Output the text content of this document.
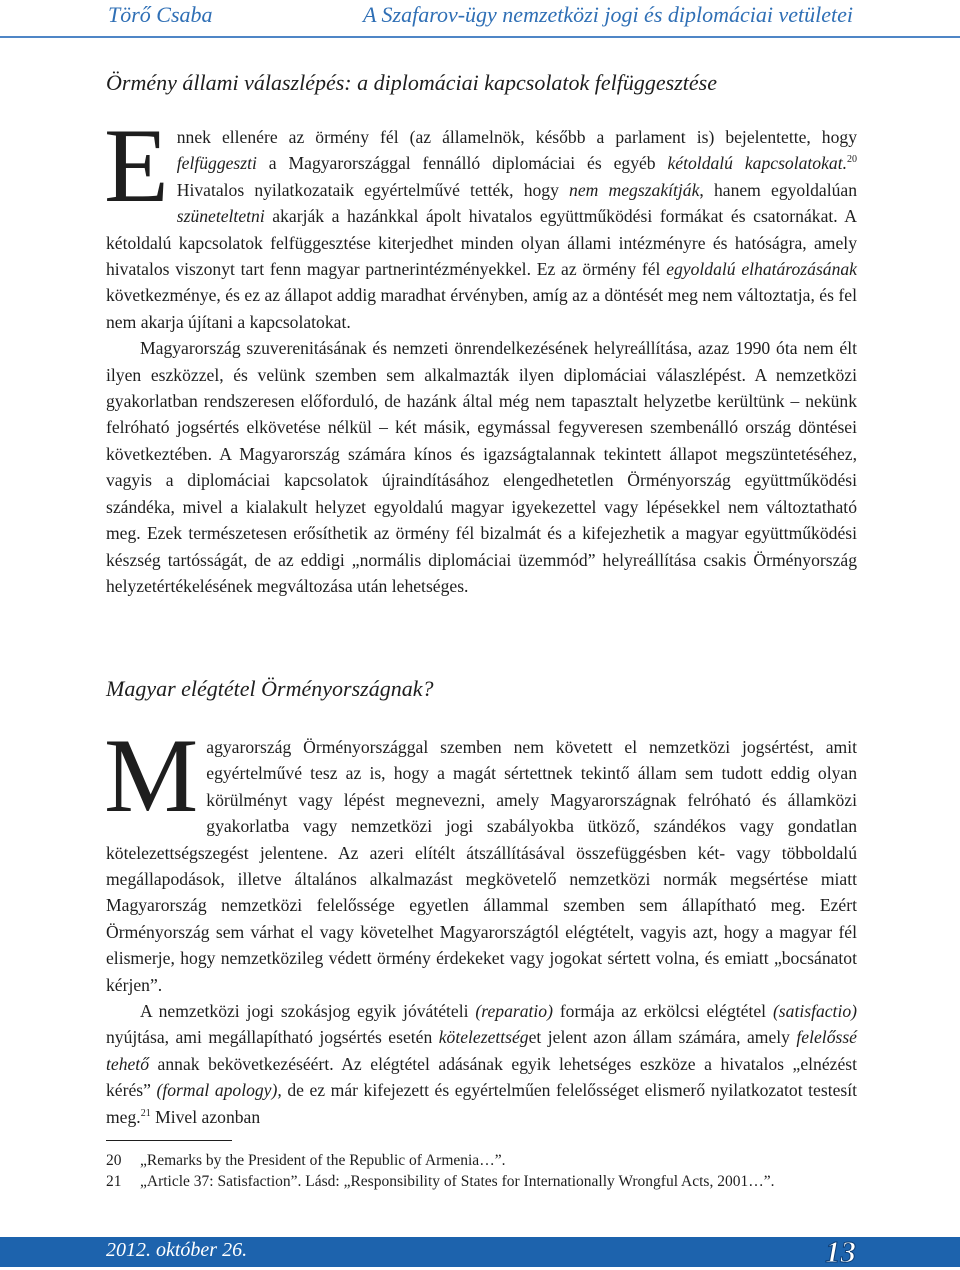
Törő Csaba	A Szafarov-ügy nemzetközi jogi és diplomáciai vetületei
Örmény állami válaszlépés: a diplomáciai kapcsolatok felfüggesztése

Ennek ellenére az örmény fél (az államelnök, később a parlament is) bejelentette, hogy felfüggeszti a Magyarországgal fennálló diplomáciai és egyéb kétoldalú kapcsolatokat.$^{20}$ Hivatalos nyilatkozataik egyértelművé tették, hogy nem megszakítják, hanem egyoldalúan szüneteltetni akarják a hazánkkal ápolt hivatalos együttműködési formákat és csatornákat. A kétoldalú kapcsolatok felfüggesztése kiterjedhet minden olyan állami intézményre és hatóságra, amely hivatalos viszonyt tart fenn magyar partnerintézményekkel. Ez az örmény fél egyoldalú elhatározásának következménye, és ez az állapot addig maradhat érvényben, amíg az a döntését meg nem változtatja, és fel nem akarja újítani a kapcsolatokat.

Magyarország szuverenitásának és nemzeti önrendelkezésének helyreállítása, azaz 1990 óta nem élt ilyen eszközzel, és velünk szemben sem alkalmazták ilyen diplomáciai válaszlépést. A nemzetközi gyakorlatban rendszeresen előforduló, de hazánk által még nem tapasztalt helyzetbe kerültünk – nekünk felróható jogsértés elkövetése nélkül – két másik, egymással fegyveresen szembenálló ország döntései következtében. A Magyarország számára kínos és igazságtalannak tekintett állapot megszüntetéséhez, vagyis a diplomáciai kapcsolatok újraindításához elengedhetetlen Örményország együttműködési szándéka, mivel a kialakult helyzet egyoldalú magyar igyekezettel vagy lépésekkel nem változtatható meg. Ezek természetesen erősíthetik az örmény fél bizalmát és a kifejezhetik a magyar együttműködési készség tartósságát, de az eddigi „normális diplomáciai üzemmód” helyreállítása csakis Örményország helyzetértékelésének megváltozása után lehetséges.

Magyar elégtétel Örményországnak?

Magyarország Örményországgal szemben nem követett el nemzetközi jogsértést, amit egyértelművé tesz az is, hogy a magát sértettnek tekintő állam sem tudott eddig olyan körülményt vagy lépést megnevezni, amely Magyarországnak felróható és államközi gyakorlatba vagy nemzetközi jogi szabályokba ütköző, szándékos vagy gondatlan kötelezettségszegést jelentene. Az azeri elítélt átszállításával összefüggésben két- vagy többoldalú megállapodások, illetve általános alkalmazást megkövetelő nemzetközi normák megsértése miatt Magyarország nemzetközi felelőssége egyetlen állammal szemben sem állapítható meg. Ezért Örményország sem várhat el vagy követelhet Magyarországtól elégtételt, vagyis azt, hogy a magyar fél elismerje, hogy nemzetközileg védett örmény érdekeket vagy jogokat sértett volna, és emiatt „bocsánatot kérjen”.

A nemzetközi jogi szokásjog egyik jóvátételi (reparatio) formája az erkölcsi elégtétel (satisfactio) nyújtása, ami megállapítható jogsértés esetén kötelezettséget jelent azon állam számára, amely felelőssé tehető annak bekövetkezéséért. Az elégtétel adásának egyik lehetséges eszköze a hivatalos „elnézést kérés” (formal apology), de ez már kifejezett és egyértelműen felelősséget elismerő nyilatkozatot testesít meg.$^{21}$ Mivel azonban

20	„Remarks by the President of the Republic of Armenia…”.
21	„Article 37: Satisfaction”. Lásd: „Responsibility of States for Internationally Wrongful Acts, 2001…”.
2012. október 26.	13
